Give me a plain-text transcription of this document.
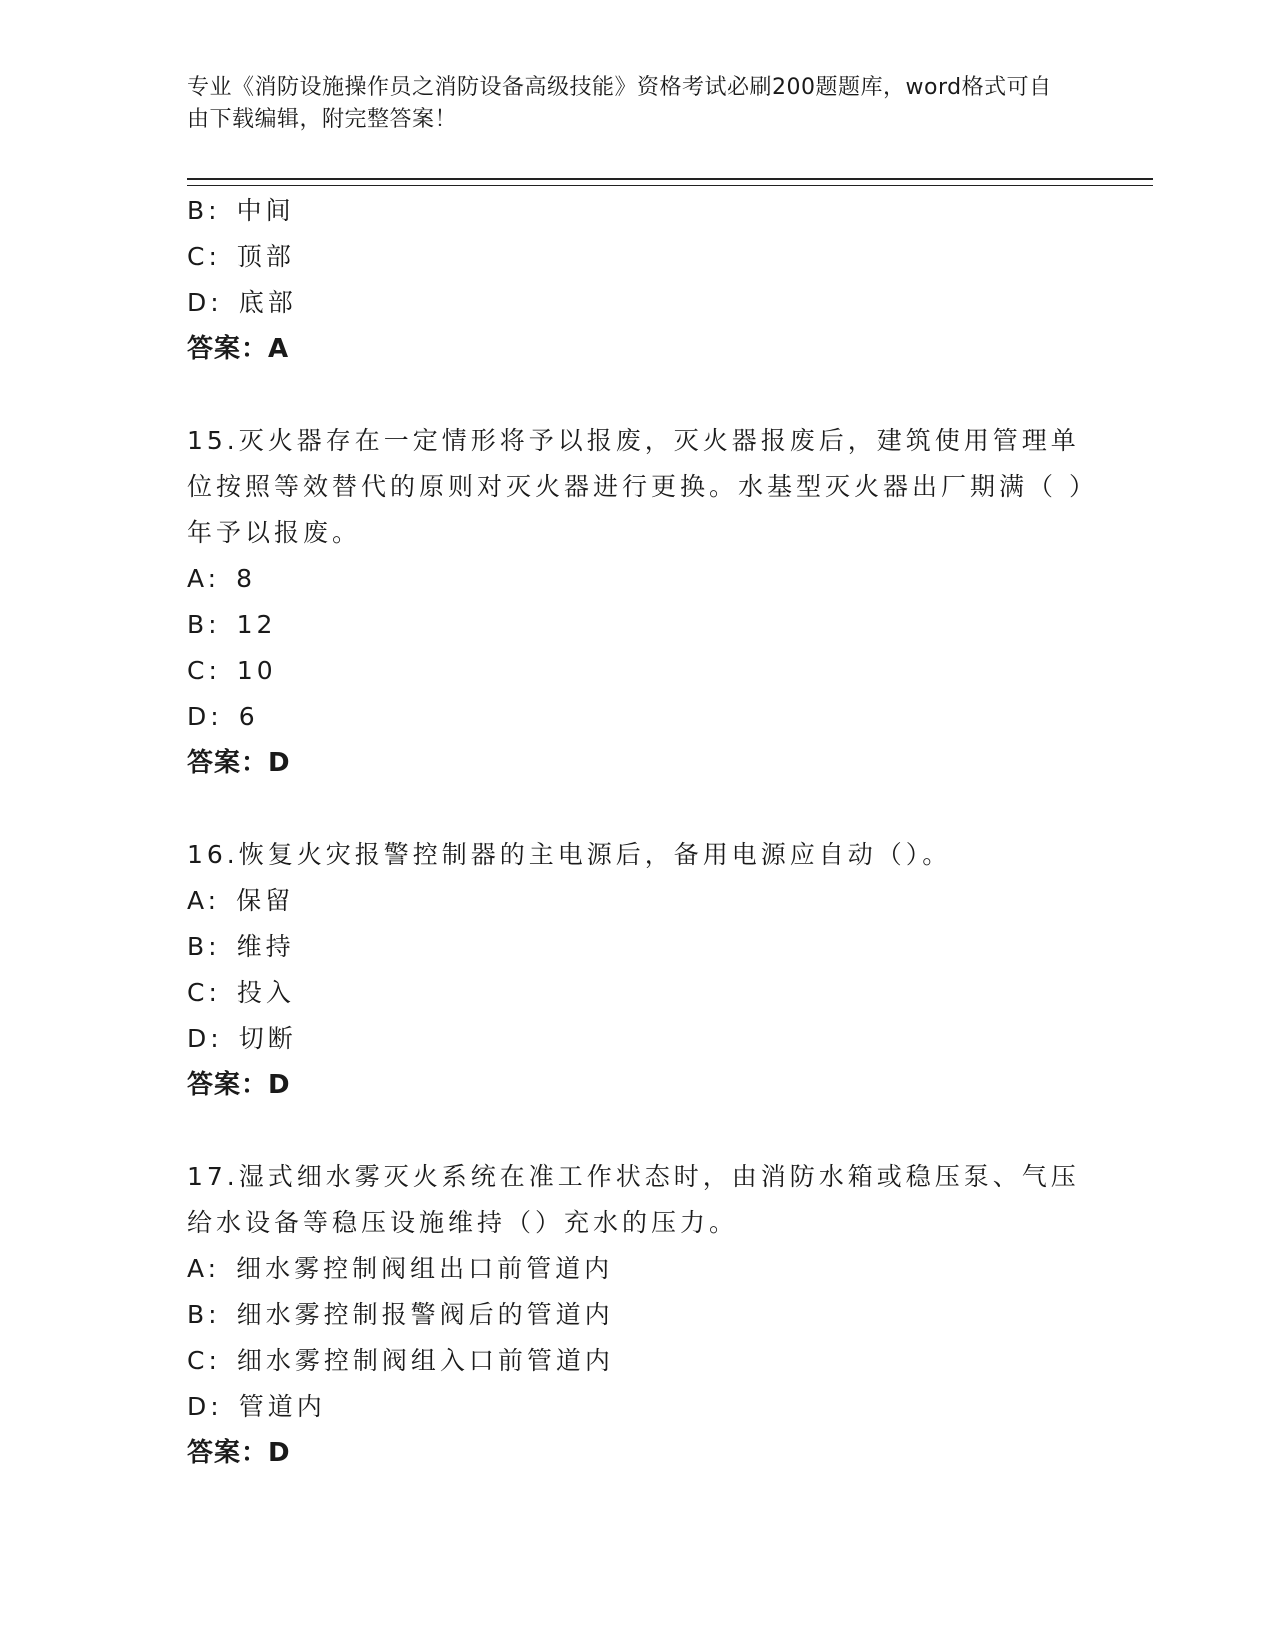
专业《消防设施操作员之消防设备高级技能》资格考试必刷200题题库，word格式可自由下载编辑，附完整答案！
B: 中间
C: 顶部
D: 底部
答案：A
15.灭火器存在一定情形将予以报废，灭火器报废后，建筑使用管理单位按照等效替代的原则对灭火器进行更换。水基型灭火器出厂期满（ ）年予以报废。
A: 8
B: 12
C: 10
D: 6
答案：D
16.恢复火灾报警控制器的主电源后，备用电源应自动（）。
A: 保留
B: 维持
C: 投入
D: 切断
答案：D
17.湿式细水雾灭火系统在准工作状态时，由消防水箱或稳压泵、气压给水设备等稳压设施维持（）充水的压力。
A: 细水雾控制阀组出口前管道内
B: 细水雾控制报警阀后的管道内
C: 细水雾控制阀组入口前管道内
D: 管道内
答案：D
